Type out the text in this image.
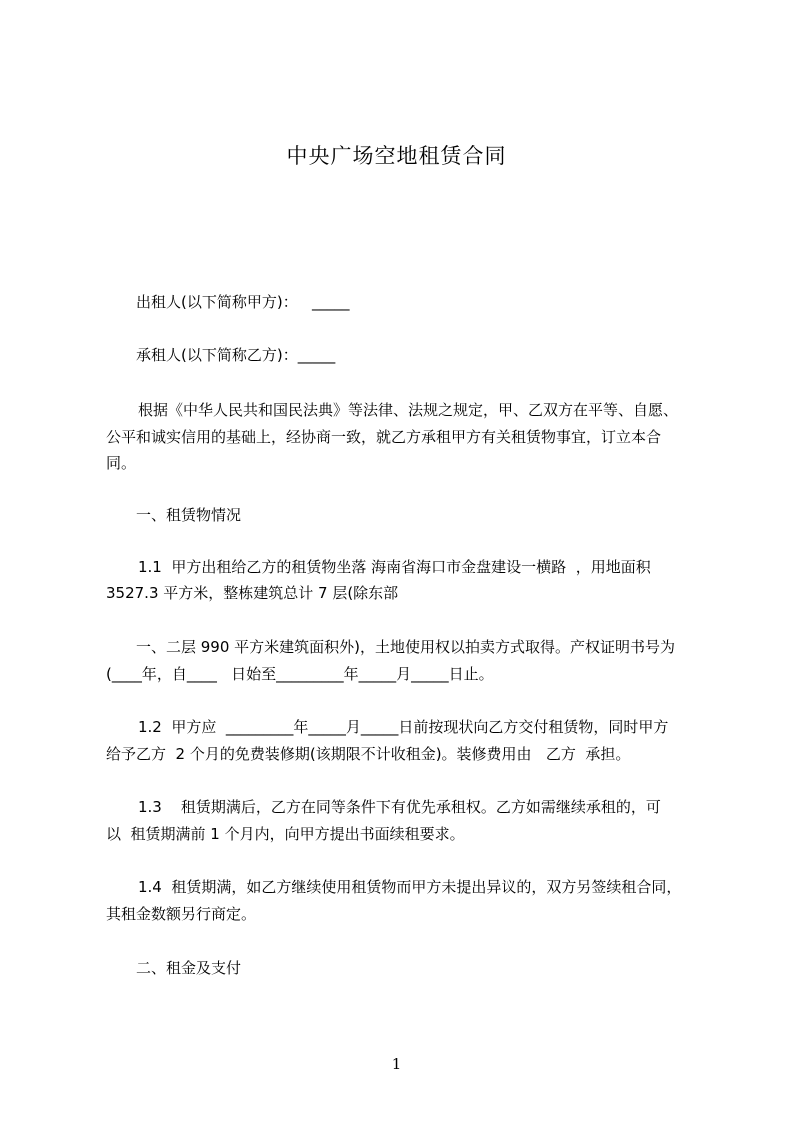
中央广场空地租赁合同
出租人(以下简称甲方)：   _____
承租人(以下简称乙方)：_____
根据《中华人民共和国民法典》等法律、法规之规定，甲、乙双方在平等、自愿、
公平和诚实信用的基础上，经协商一致，就乙方承租甲方有关租赁物事宜，订立本合
同。
一、租赁物情况
1.1  甲方出租给乙方的租赁物坐落 海南省海口市金盘建设一横路  ，用地面积
3527.3 平方米，整栋建筑总计 7 层(除东部
一、二层 990 平方米建筑面积外)，土地使用权以拍卖方式取得。产权证明书号为
(____年，自____   日始至_________年_____月_____日止。
1.2  甲方应  _________年_____月_____日前按现状向乙方交付租赁物，同时甲方
给予乙方  2 个月的免费装修期(该期限不计收租金)。装修费用由   乙方  承担。
1.3    租赁期满后，乙方在同等条件下有优先承租权。乙方如需继续承租的，可
以  租赁期满前 1 个月内，向甲方提出书面续租要求。
1.4  租赁期满，如乙方继续使用租赁物而甲方未提出异议的，双方另签续租合同，
其租金数额另行商定。
二、租金及支付
1
